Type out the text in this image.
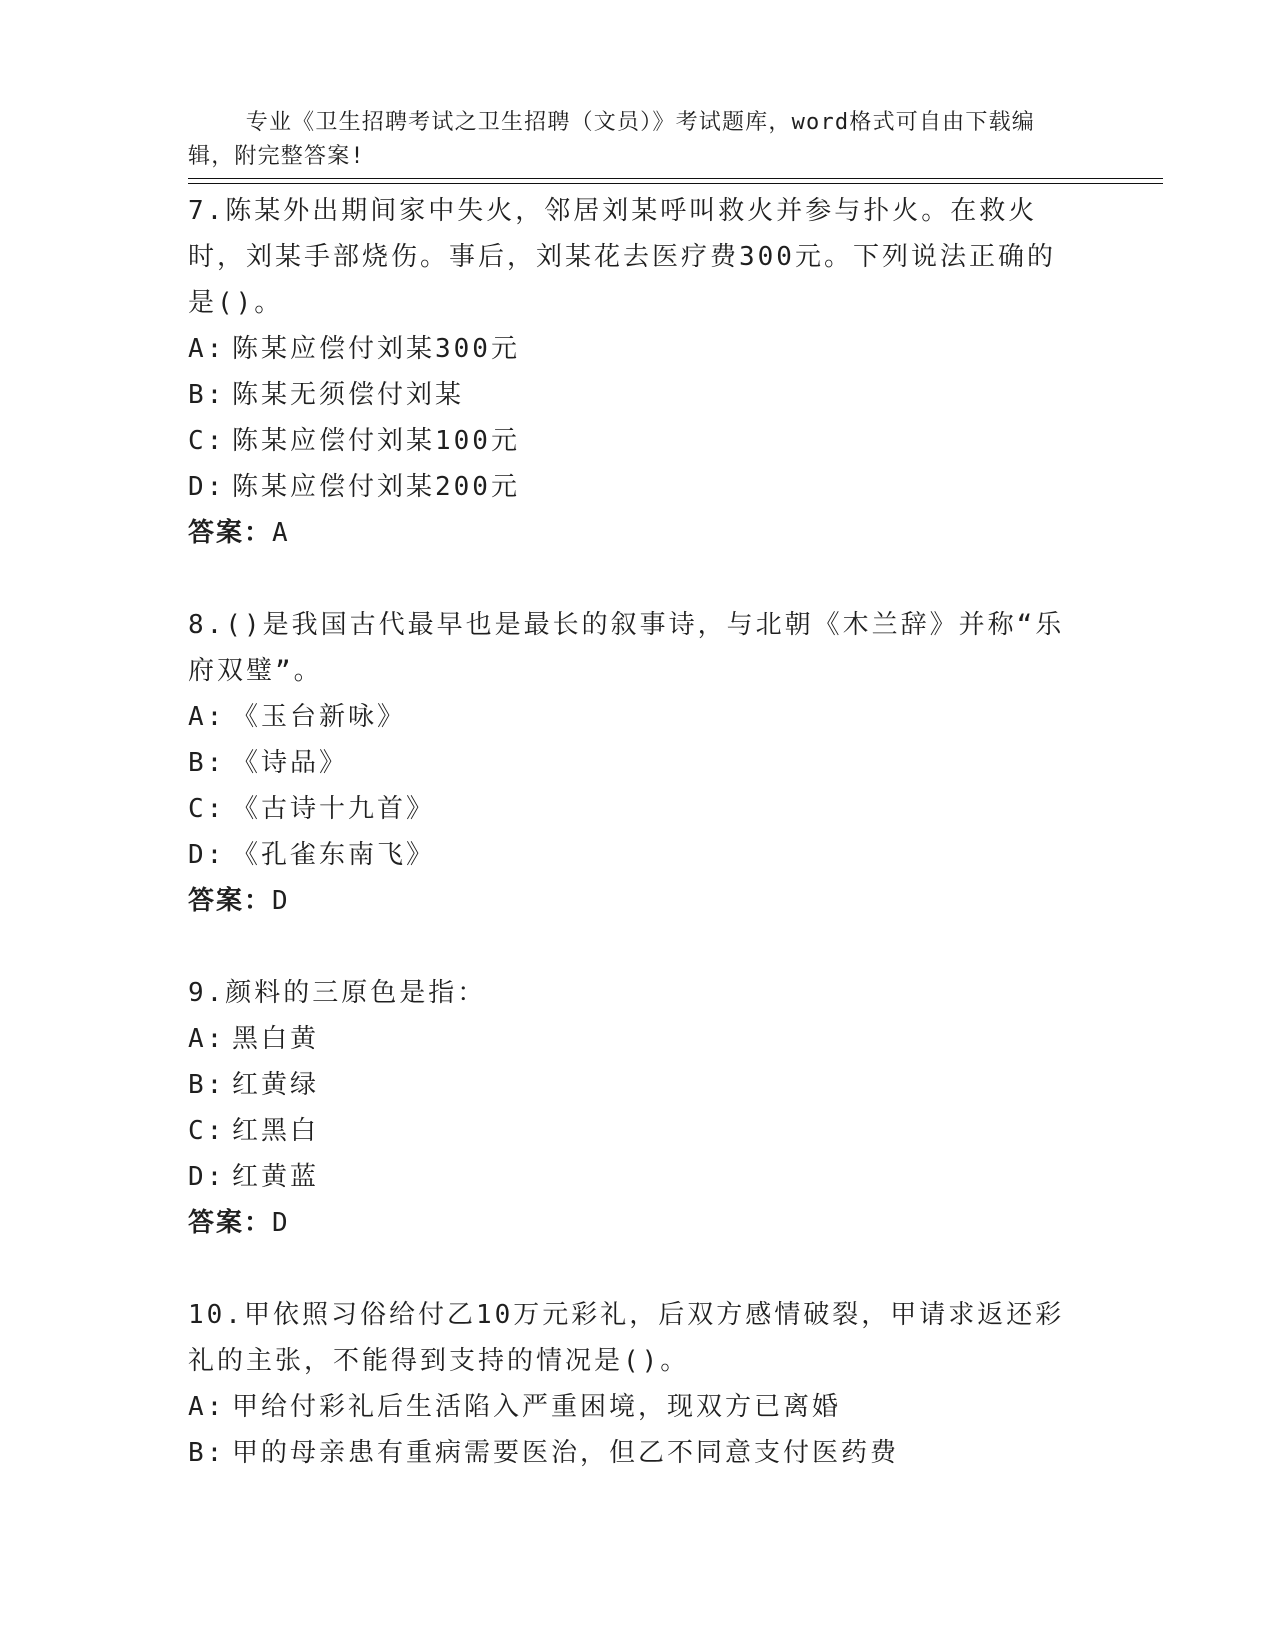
专业《卫生招聘考试之卫生招聘（文员）》考试题库，word格式可自由下载编辑，附完整答案!

7.陈某外出期间家中失火，邻居刘某呼叫救火并参与扑火。在救火时，刘某手部烧伤。事后，刘某花去医疗费300元。下列说法正确的是()。

A: 陈某应偿付刘某300元

B: 陈某无须偿付刘某

C: 陈某应偿付刘某100元

D: 陈某应偿付刘某200元

答案：A

8.()是我国古代最早也是最长的叙事诗，与北朝《木兰辞》并称“乐府双璧”。

A: 《玉台新咏》

B: 《诗品》

C: 《古诗十九首》

D: 《孔雀东南飞》

答案：D

9.颜料的三原色是指：

A: 黑白黄

B: 红黄绿

C: 红黑白

D: 红黄蓝

答案：D

10.甲依照习俗给付乙10万元彩礼，后双方感情破裂，甲请求返还彩礼的主张，不能得到支持的情况是()。

A: 甲给付彩礼后生活陷入严重困境，现双方已离婚

B: 甲的母亲患有重病需要医治，但乙不同意支付医药费
